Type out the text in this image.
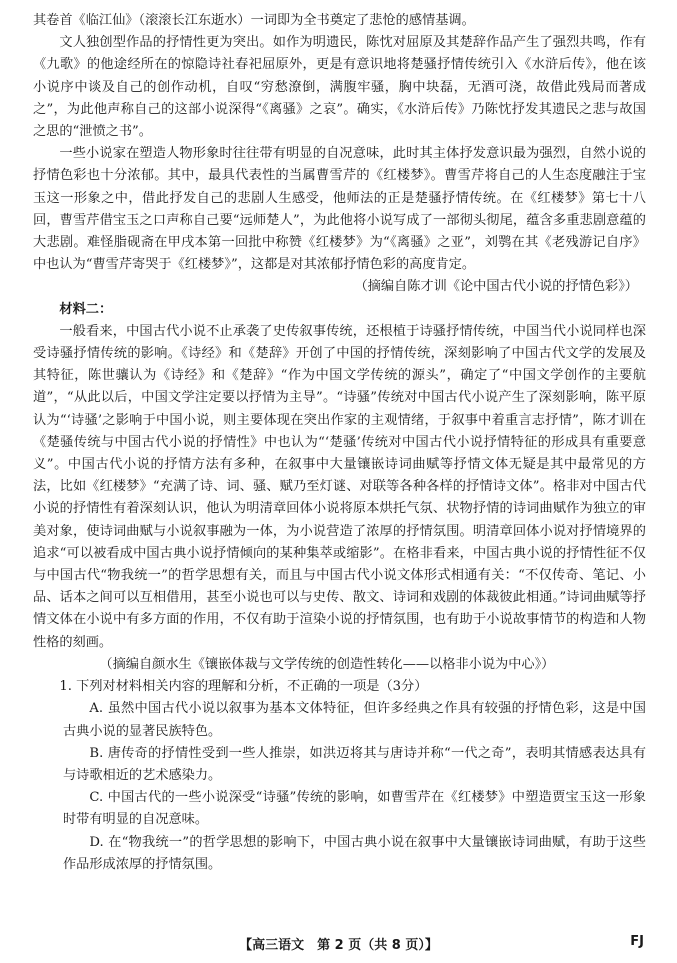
其卷首《临江仙》（滚滚长江东逝水）一词即为全书奠定了悲怆的感情基调。

文人独创型作品的抒情性更为突出。如作为明遗民，陈忱对屈原及其楚辞作品产生了强烈共鸣，作有《九歌》的他途经所在的惊隐诗社春祀屈原外，更是有意识地将楚骚抒情传统引入《水浒后传》，他在该小说序中谈及自己的创作动机，自叹“穷愁潦倒，满腹牢骚，胸中块磊，无酒可浇，故借此残局而著成之”，为此他声称自己的这部小说深得“《离骚》之哀”。确实，《水浒后传》乃陈忱抒发其遗民之悲与故国之思的“泄愤之书”。

一些小说家在塑造人物形象时往往带有明显的自况意味，此时其主体抒发意识最为强烈，自然小说的抒情色彩也十分浓郁。其中，最具代表性的当属曹雪芹的《红楼梦》。曹雪芹将自己的人生态度融注于宝玉这一形象之中，借此抒发自己的悲剧人生感受，他师法的正是楚骚抒情传统。在《红楼梦》第七十八回，曹雪芹借宝玉之口声称自己要“远师楚人”，为此他将小说写成了一部彻头彻尾，蕴含多重悲剧意蕴的大悲剧。难怪脂砚斋在甲戌本第一回批中称赞《红楼梦》为“《离骚》之亚”，刘鹗在其《老残游记自序》中也认为“曹雪芹寄哭于《红楼梦》”，这都是对其浓郁抒情色彩的高度肯定。

（摘编自陈才训《论中国古代小说的抒情色彩》）

材料二：

一般看来，中国古代小说不止承袭了史传叙事传统，还根植于诗骚抒情传统，中国当代小说同样也深受诗骚抒情传统的影响。《诗经》和《楚辞》开创了中国的抒情传统，深刻影响了中国古代文学的发展及其特征，陈世骧认为《诗经》和《楚辞》“作为中国文学传统的源头”，确定了“中国文学创作的主要航道”，“从此以后，中国文学注定要以抒情为主导”。“诗骚”传统对中国古代小说产生了深刻影响，陈平原认为“‘诗骚’之影响于中国小说，则主要体现在突出作家的主观情绪，于叙事中着重言志抒情”，陈才训在《楚骚传统与中国古代小说的抒情性》中也认为“‘楚骚’传统对中国古代小说抒情特征的形成具有重要意义”。中国古代小说的抒情方法有多种，在叙事中大量镶嵌诗词曲赋等抒情文体无疑是其中最常见的方法，比如《红楼梦》“充满了诗、词、骚、赋乃至灯谜、对联等各种各样的抒情诗文体”。格非对中国古代小说的抒情性有着深刻认识，他认为明清章回体小说将原本烘托气氛、状物抒情的诗词曲赋作为独立的审美对象，使诗词曲赋与小说叙事融为一体，为小说营造了浓厚的抒情氛围。明清章回体小说对抒情境界的追求“可以被看成中国古典小说抒情倾向的某种集萃或缩影”。在格非看来，中国古典小说的抒情性征不仅与中国古代“物我统一”的哲学思想有关，而且与中国古代小说文体形式相通有关：“不仅传奇、笔记、小品、话本之间可以互相借用，甚至小说也可以与史传、散文、诗词和戏剧的体裁彼此相通。”诗词曲赋等抒情文体在小说中有多方面的作用，不仅有助于渲染小说的抒情氛围，也有助于小说故事情节的构造和人物性格的刻画。

（摘编自颜水生《镶嵌体裁与文学传统的创造性转化——以格非小说为中心》）

1. 下列对材料相关内容的理解和分析，不正确的一项是（3分）

A. 虽然中国古代小说以叙事为基本文体特征，但许多经典之作具有较强的抒情色彩，这是中国古典小说的显著民族特色。

B. 唐传奇的抒情性受到一些人推崇，如洪迈将其与唐诗并称“一代之奇”，表明其情感表达具有与诗歌相近的艺术感染力。

C. 中国古代的一些小说深受“诗骚”传统的影响，如曹雪芹在《红楼梦》中塑造贾宝玉这一形象时带有明显的自况意味。

D. 在“物我统一”的哲学思想的影响下，中国古典小说在叙事中大量镶嵌诗词曲赋，有助于这些作品形成浓厚的抒情氛围。

【高三语文　第 2 页（共 8 页）】	FJ
